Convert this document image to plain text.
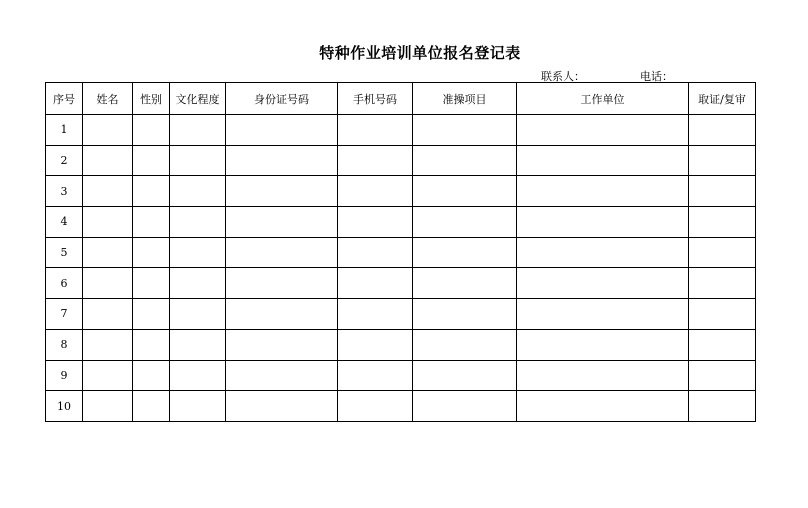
特种作业培训单位报名登记表
联系人：	电话：
序号	姓名	性别	文化程度	身份证号码	手机号码	准操项目	工作单位	取证/复审
1								
2								
3								
4								
5								
6								
7								
8								
9								
10								
